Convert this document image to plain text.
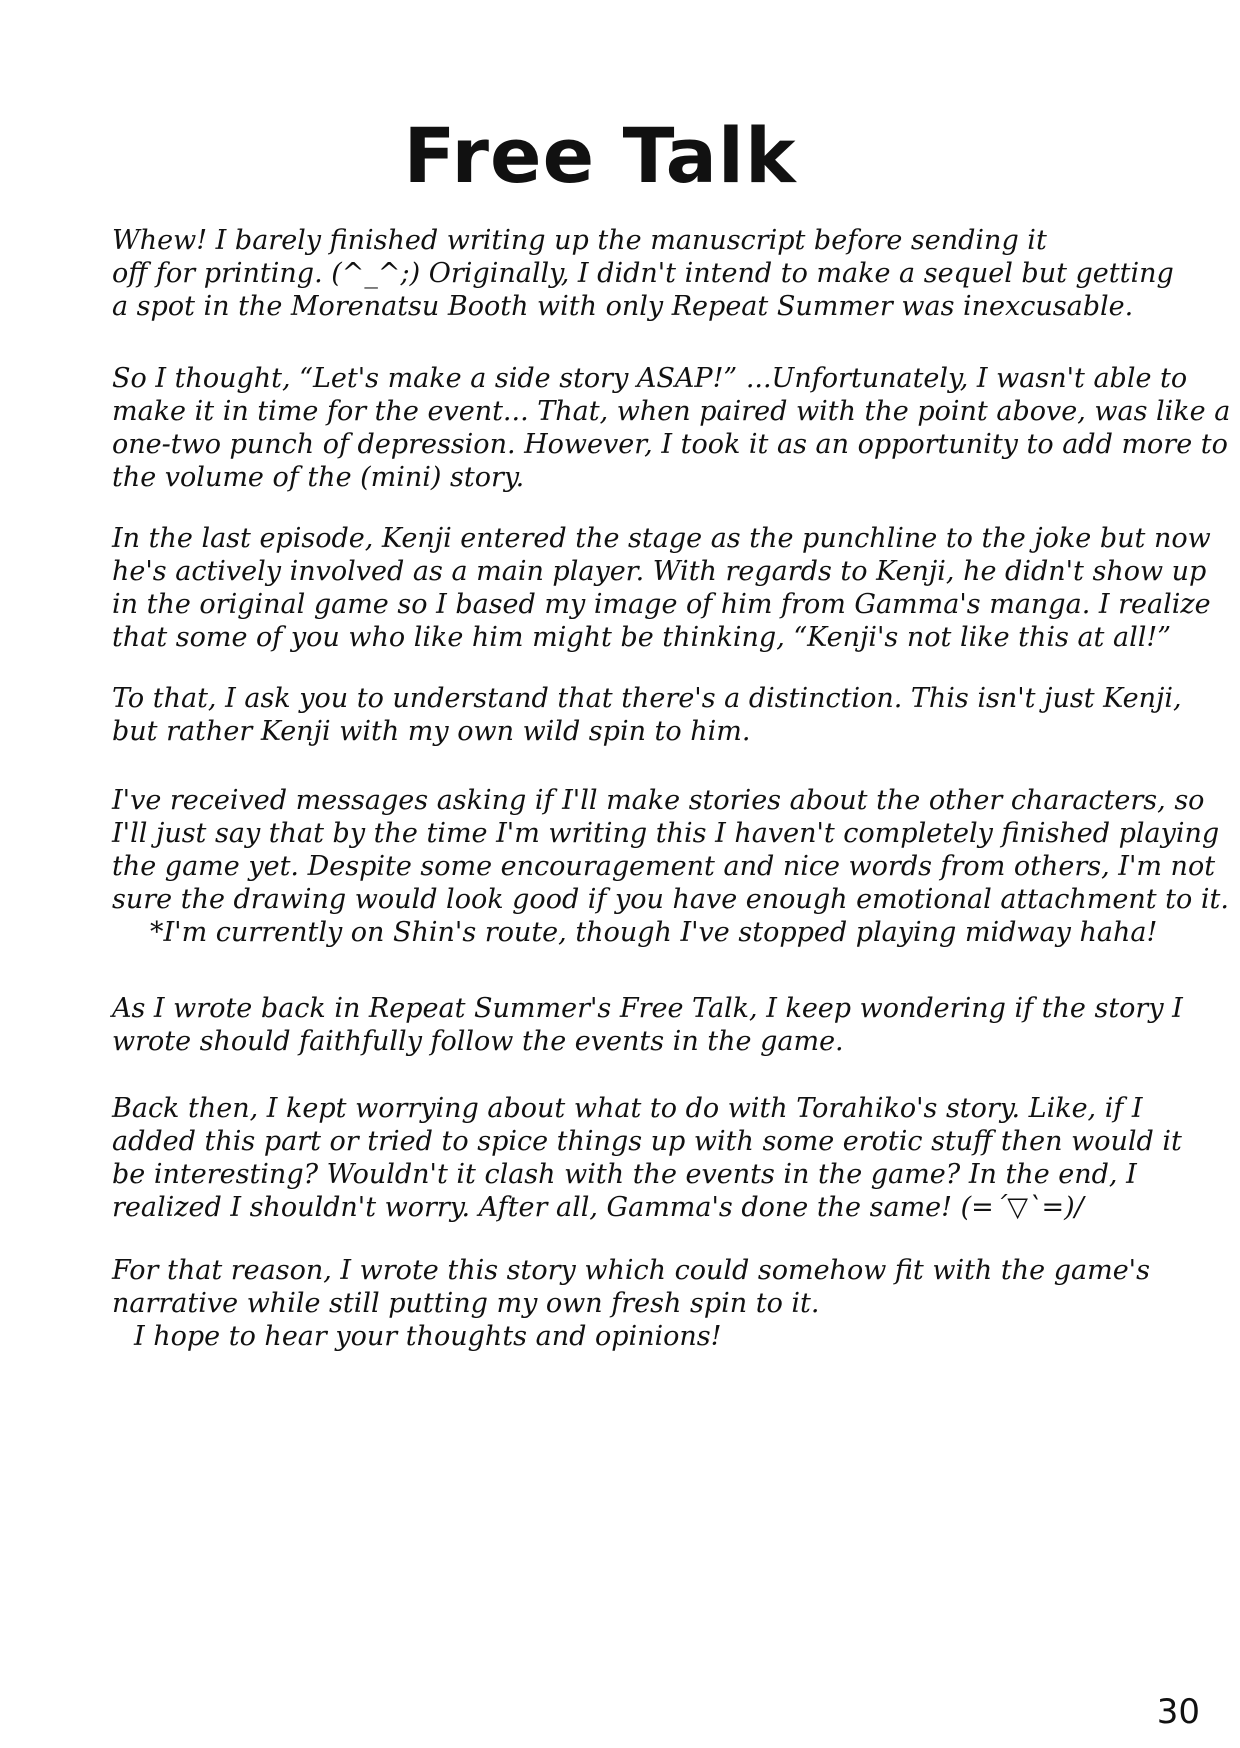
Free Talk
Whew! I barely finished writing up the manuscript before sending it
off for printing. (^_^;) Originally, I didn't intend to make a sequel but getting
a spot in the Morenatsu Booth with only Repeat Summer was inexcusable.
So I thought, “Let's make a side story ASAP!” ...Unfortunately, I wasn't able to
make it in time for the event... That, when paired with the point above, was like a
one-two punch of depression. However, I took it as an opportunity to add more to
the volume of the (mini) story.
In the last episode, Kenji entered the stage as the punchline to the joke but now
he's actively involved as a main player. With regards to Kenji, he didn't show up
in the original game so I based my image of him from Gamma's manga. I realize
that some of you who like him might be thinking, “Kenji's not like this at all!”
To that, I ask you to understand that there's a distinction. This isn't just Kenji,
but rather Kenji with my own wild spin to him.
I've received messages asking if I'll make stories about the other characters, so
I'll just say that by the time I'm writing this I haven't completely finished playing
the game yet. Despite some encouragement and nice words from others, I'm not
sure the drawing would look good if you have enough emotional attachment to it.
*I'm currently on Shin's route, though I've stopped playing midway haha!
As I wrote back in Repeat Summer's Free Talk, I keep wondering if the story I
wrote should faithfully follow the events in the game.
Back then, I kept worrying about what to do with Torahiko's story. Like, if I
added this part or tried to spice things up with some erotic stuff then would it
be interesting? Wouldn't it clash with the events in the game? In the end, I
realized I shouldn't worry. After all, Gamma's done the same! (=´▽`=)/
For that reason, I wrote this story which could somehow fit with the game's
narrative while still putting my own fresh spin to it.
I hope to hear your thoughts and opinions!
30
